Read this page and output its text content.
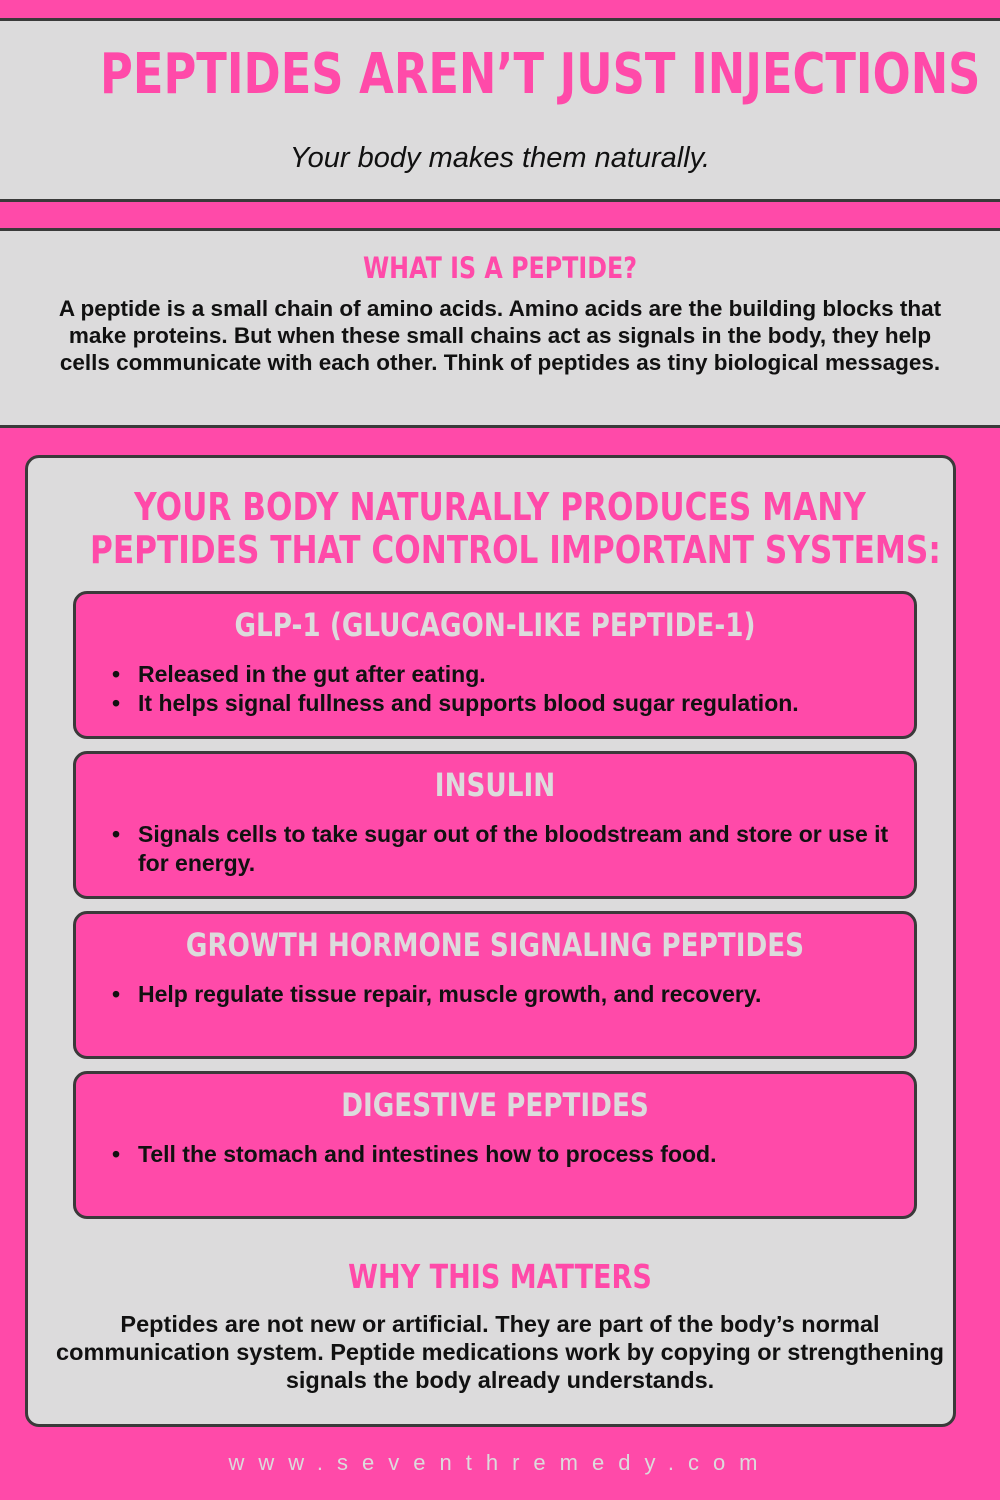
PEPTIDES AREN’T JUST INJECTIONS
Your body makes them naturally.
WHAT IS A PEPTIDE?

A peptide is a small chain of amino acids. Amino acids are the building blocks that make proteins. But when these small chains act as signals in the body, they help cells communicate with each other. Think of peptides as tiny biological messages.

YOUR BODY NATURALLY PRODUCES MANY
PEPTIDES THAT CONTROL IMPORTANT SYSTEMS:
GLP-1 (GLUCAGON-LIKE PEPTIDE-1)
• Released in the gut after eating.
• It helps signal fullness and supports blood sugar regulation.
INSULIN
• Signals cells to take sugar out of the bloodstream and store or use it for energy.
GROWTH HORMONE SIGNALING PEPTIDES
• Help regulate tissue repair, muscle growth, and recovery.
DIGESTIVE PEPTIDES
• Tell the stomach and intestines how to process food.
WHY THIS MATTERS

Peptides are not new or artificial. They are part of the body’s normal communication system. Peptide medications work by copying or strengthening signals the body already understands.

www.seventhremedy.com
